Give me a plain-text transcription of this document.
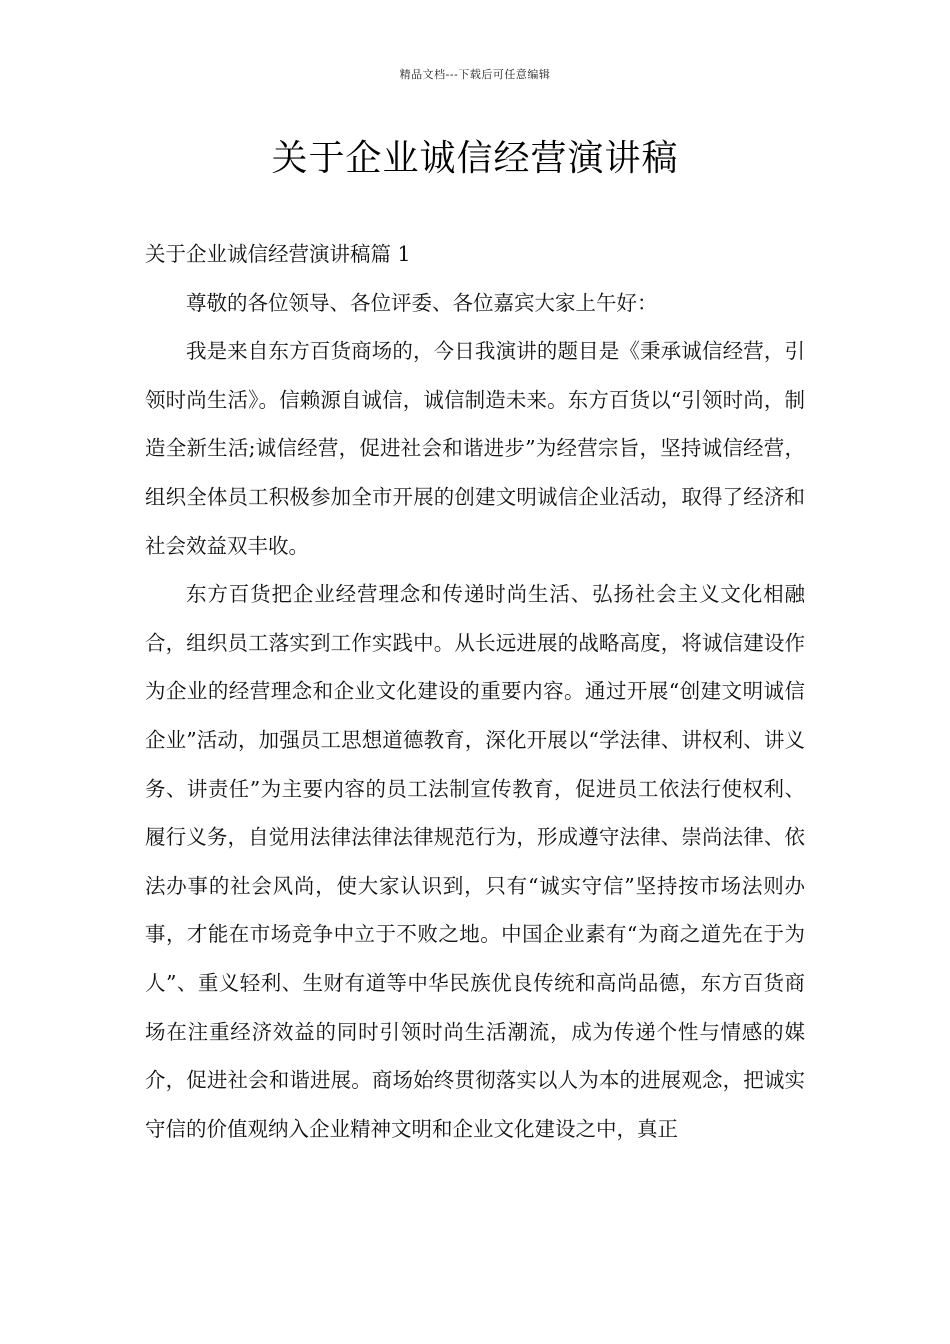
精品文档---下载后可任意编辑
关于企业诚信经营演讲稿

关于企业诚信经营演讲稿篇 1

尊敬的各位领导、各位评委、各位嘉宾大家上午好：

我是来自东方百货商场的，今日我演讲的题目是《秉承诚信经营，引领时尚生活》。信赖源自诚信，诚信制造未来。东方百货以“引领时尚，制造全新生活;诚信经营，促进社会和谐进步”为经营宗旨，坚持诚信经营，组织全体员工积极参加全市开展的创建文明诚信企业活动，取得了经济和社会效益双丰收。

东方百货把企业经营理念和传递时尚生活、弘扬社会主义文化相融合，组织员工落实到工作实践中。从长远进展的战略高度，将诚信建设作为企业的经营理念和企业文化建设的重要内容。通过开展“创建文明诚信企业”活动，加强员工思想道德教育，深化开展以“学法律、讲权利、讲义务、讲责任”为主要内容的员工法制宣传教育，促进员工依法行使权利、履行义务，自觉用法律法律法律规范行为，形成遵守法律、崇尚法律、依法办事的社会风尚，使大家认识到，只有“诚实守信”坚持按市场法则办事，才能在市场竞争中立于不败之地。中国企业素有“为商之道先在于为人”、重义轻利、生财有道等中华民族优良传统和高尚品德，东方百货商场在注重经济效益的同时引领时尚生活潮流，成为传递个性与情感的媒介，促进社会和谐进展。商场始终贯彻落实以人为本的进展观念，把诚实守信的价值观纳入企业精神文明和企业文化建设之中，真正
